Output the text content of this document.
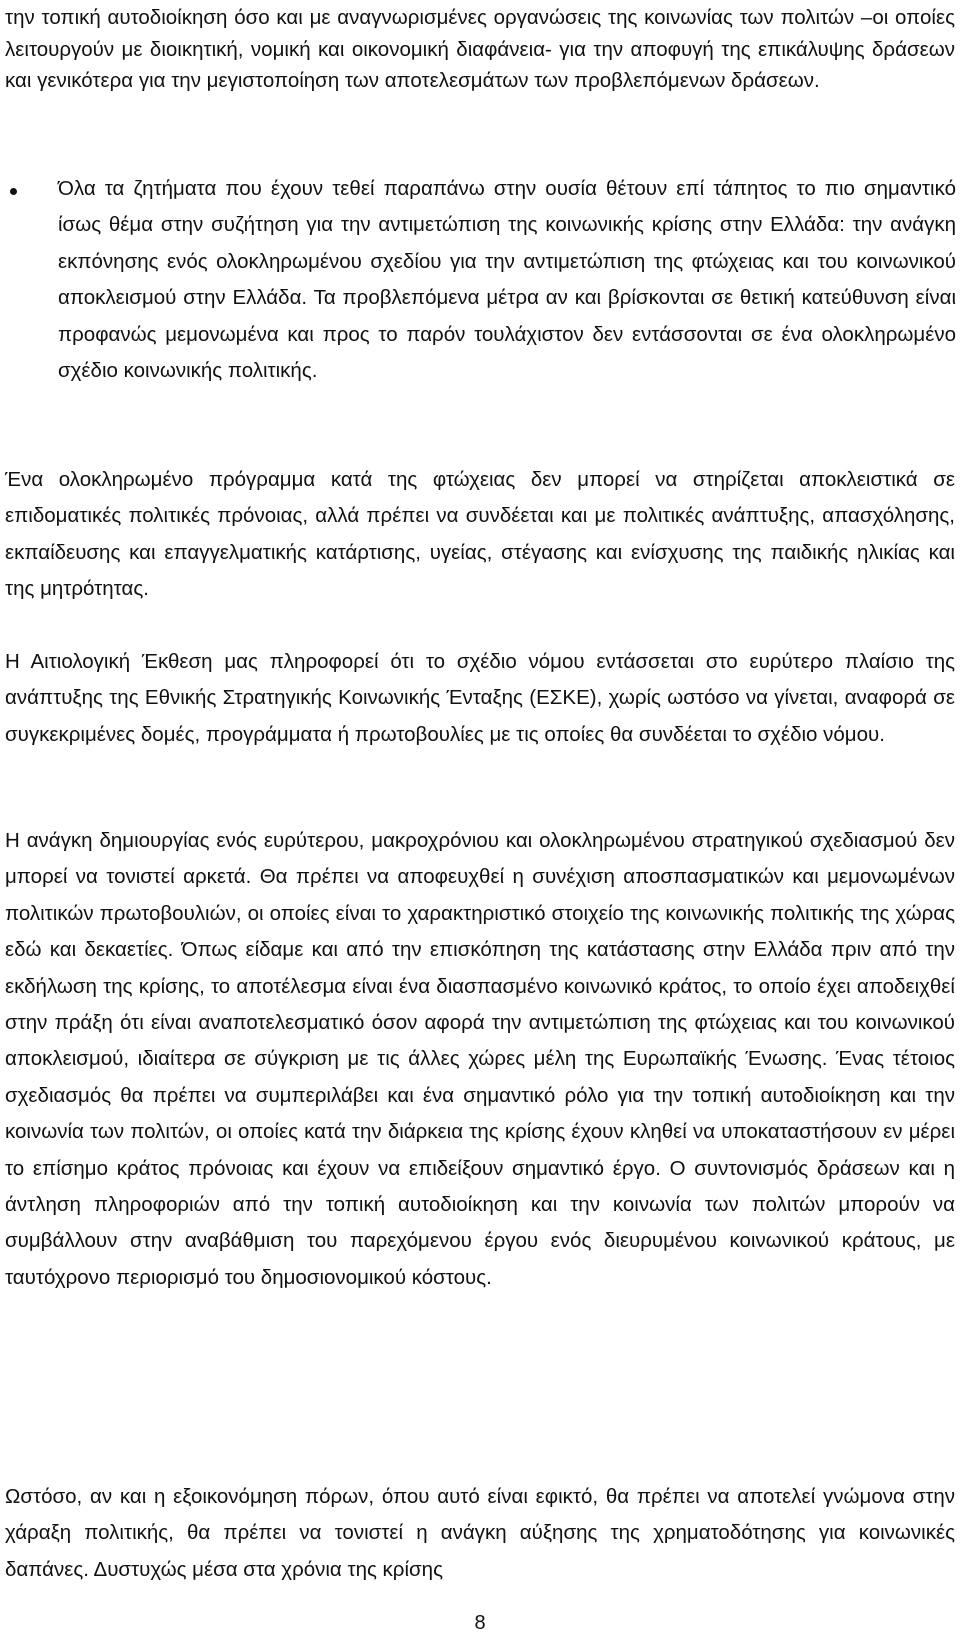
την τοπική αυτοδιοίκηση όσο και με αναγνωρισμένες οργανώσεις της κοινωνίας των πολιτών –οι οποίες λειτουργούν με διοικητική, νομική και οικονομική διαφάνεια- για την αποφυγή της επικάλυψης δράσεων και γενικότερα για την μεγιστοποίηση των αποτελεσμάτων των προβλεπόμενων δράσεων.

Όλα τα ζητήματα που έχουν τεθεί παραπάνω στην ουσία θέτουν επί τάπητος το πιο σημαντικό ίσως θέμα στην συζήτηση για την αντιμετώπιση της κοινωνικής κρίσης στην Ελλάδα: την ανάγκη εκπόνησης ενός ολοκληρωμένου σχεδίου για την αντιμετώπιση της φτώχειας και του κοινωνικού αποκλεισμού στην Ελλάδα. Τα προβλεπόμενα μέτρα αν και βρίσκονται σε θετική κατεύθυνση είναι προφανώς μεμονωμένα και προς το παρόν τουλάχιστον δεν εντάσσονται σε ένα ολοκληρωμένο σχέδιο κοινωνικής πολιτικής.

Ένα ολοκληρωμένο πρόγραμμα κατά της φτώχειας δεν μπορεί να στηρίζεται αποκλειστικά σε επιδοματικές πολιτικές πρόνοιας, αλλά πρέπει να συνδέεται και με πολιτικές ανάπτυξης, απασχόλησης, εκπαίδευσης και επαγγελματικής κατάρτισης, υγείας, στέγασης και ενίσχυσης της παιδικής ηλικίας και της μητρότητας.

Η Αιτιολογική Έκθεση μας πληροφορεί ότι το σχέδιο νόμου εντάσσεται στο ευρύτερο πλαίσιο της ανάπτυξης της Εθνικής Στρατηγικής Κοινωνικής Ένταξης (ΕΣΚΕ), χωρίς ωστόσο να γίνεται, αναφορά σε συγκεκριμένες δομές, προγράμματα ή πρωτοβουλίες με τις οποίες θα συνδέεται το σχέδιο νόμου.

Η ανάγκη δημιουργίας ενός ευρύτερου, μακροχρόνιου και ολοκληρωμένου στρατηγικού σχεδιασμού δεν μπορεί να τονιστεί αρκετά. Θα πρέπει να αποφευχθεί η συνέχιση αποσπασματικών και μεμονωμένων πολιτικών πρωτοβουλιών, οι οποίες είναι το χαρακτηριστικό στοιχείο της κοινωνικής πολιτικής της χώρας εδώ και δεκαετίες. Όπως είδαμε και από την επισκόπηση της κατάστασης στην Ελλάδα πριν από την εκδήλωση της κρίσης, το αποτέλεσμα είναι ένα διασπασμένο κοινωνικό κράτος, το οποίο έχει αποδειχθεί στην πράξη ότι είναι αναποτελεσματικό όσον αφορά την αντιμετώπιση της φτώχειας και του κοινωνικού αποκλεισμού, ιδιαίτερα σε σύγκριση με τις άλλες χώρες μέλη της Ευρωπαϊκής Ένωσης. Ένας τέτοιος σχεδιασμός θα πρέπει να συμπεριλάβει και ένα σημαντικό ρόλο για την τοπική αυτοδιοίκηση και την κοινωνία των πολιτών, οι οποίες κατά την διάρκεια της κρίσης έχουν κληθεί να υποκαταστήσουν εν μέρει το επίσημο κράτος πρόνοιας και έχουν να επιδείξουν σημαντικό έργο. Ο συντονισμός δράσεων και η άντληση πληροφοριών από την τοπική αυτοδιοίκηση και την κοινωνία των πολιτών μπορούν να συμβάλλουν στην αναβάθμιση του παρεχόμενου έργου ενός διευρυμένου κοινωνικού κράτους, με ταυτόχρονο περιορισμό του δημοσιονομικού κόστους.

Ωστόσο, αν και η εξοικονόμηση πόρων, όπου αυτό είναι εφικτό, θα πρέπει να αποτελεί γνώμονα στην χάραξη πολιτικής, θα πρέπει να τονιστεί η ανάγκη αύξησης της χρηματοδότησης για κοινωνικές δαπάνες. Δυστυχώς μέσα στα χρόνια της κρίσης

8
